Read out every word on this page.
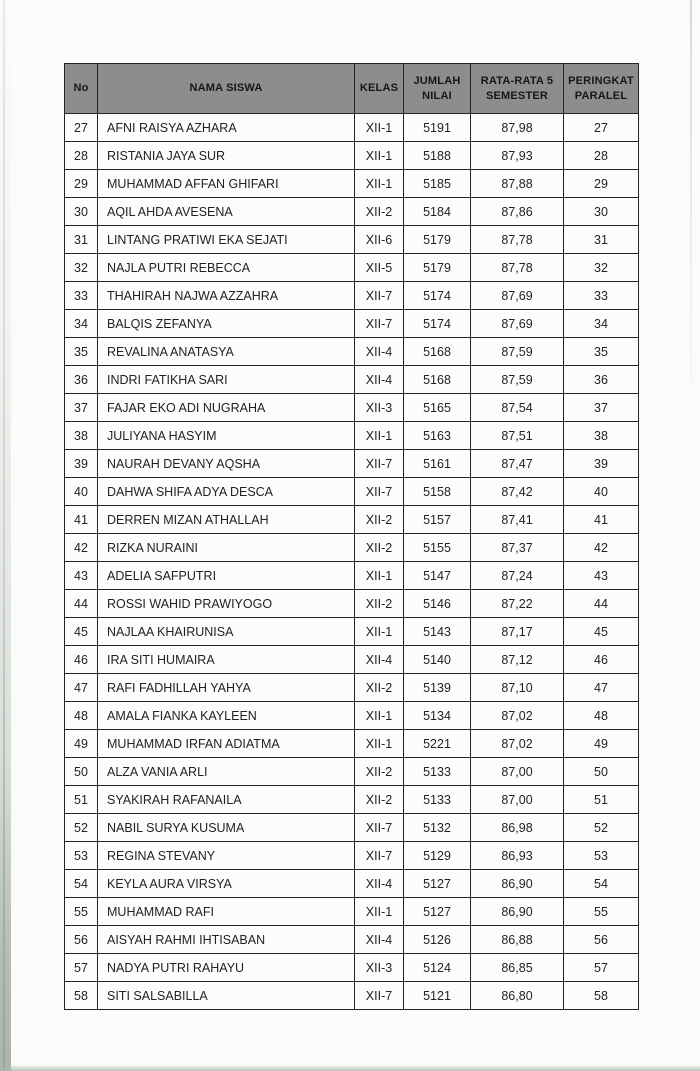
No	NAMA SISWA	KELAS	JUMLAH NILAI	RATA-RATA 5 SEMESTER	PERINGKAT PARALEL
27	AFNI RAISYA AZHARA	XII-1	5191	87,98	27
28	RISTANIA JAYA SUR	XII-1	5188	87,93	28
29	MUHAMMAD AFFAN GHIFARI	XII-1	5185	87,88	29
30	AQIL AHDA AVESENA	XII-2	5184	87,86	30
31	LINTANG PRATIWI EKA SEJATI	XII-6	5179	87,78	31
32	NAJLA PUTRI REBECCA	XII-5	5179	87,78	32
33	THAHIRAH NAJWA AZZAHRA	XII-7	5174	87,69	33
34	BALQIS ZEFANYA	XII-7	5174	87,69	34
35	REVALINA ANATASYA	XII-4	5168	87,59	35
36	INDRI FATIKHA SARI	XII-4	5168	87,59	36
37	FAJAR EKO ADI NUGRAHA	XII-3	5165	87,54	37
38	JULIYANA HASYIM	XII-1	5163	87,51	38
39	NAURAH DEVANY AQSHA	XII-7	5161	87,47	39
40	DAHWA SHIFA ADYA DESCA	XII-7	5158	87,42	40
41	DERREN MIZAN ATHALLAH	XII-2	5157	87,41	41
42	RIZKA NURAINI	XII-2	5155	87,37	42
43	ADELIA SAFPUTRI	XII-1	5147	87,24	43
44	ROSSI WAHID PRAWIYOGO	XII-2	5146	87,22	44
45	NAJLAA KHAIRUNISA	XII-1	5143	87,17	45
46	IRA SITI HUMAIRA	XII-4	5140	87,12	46
47	RAFI FADHILLAH YAHYA	XII-2	5139	87,10	47
48	AMALA FIANKA KAYLEEN	XII-1	5134	87,02	48
49	MUHAMMAD IRFAN ADIATMA	XII-1	5221	87,02	49
50	ALZA VANIA ARLI	XII-2	5133	87,00	50
51	SYAKIRAH RAFANAILA	XII-2	5133	87,00	51
52	NABIL SURYA KUSUMA	XII-7	5132	86,98	52
53	REGINA STEVANY	XII-7	5129	86,93	53
54	KEYLA AURA VIRSYA	XII-4	5127	86,90	54
55	MUHAMMAD RAFI	XII-1	5127	86,90	55
56	AISYAH RAHMI IHTISABAN	XII-4	5126	86,88	56
57	NADYA PUTRI RAHAYU	XII-3	5124	86,85	57
58	SITI SALSABILLA	XII-7	5121	86,80	58
